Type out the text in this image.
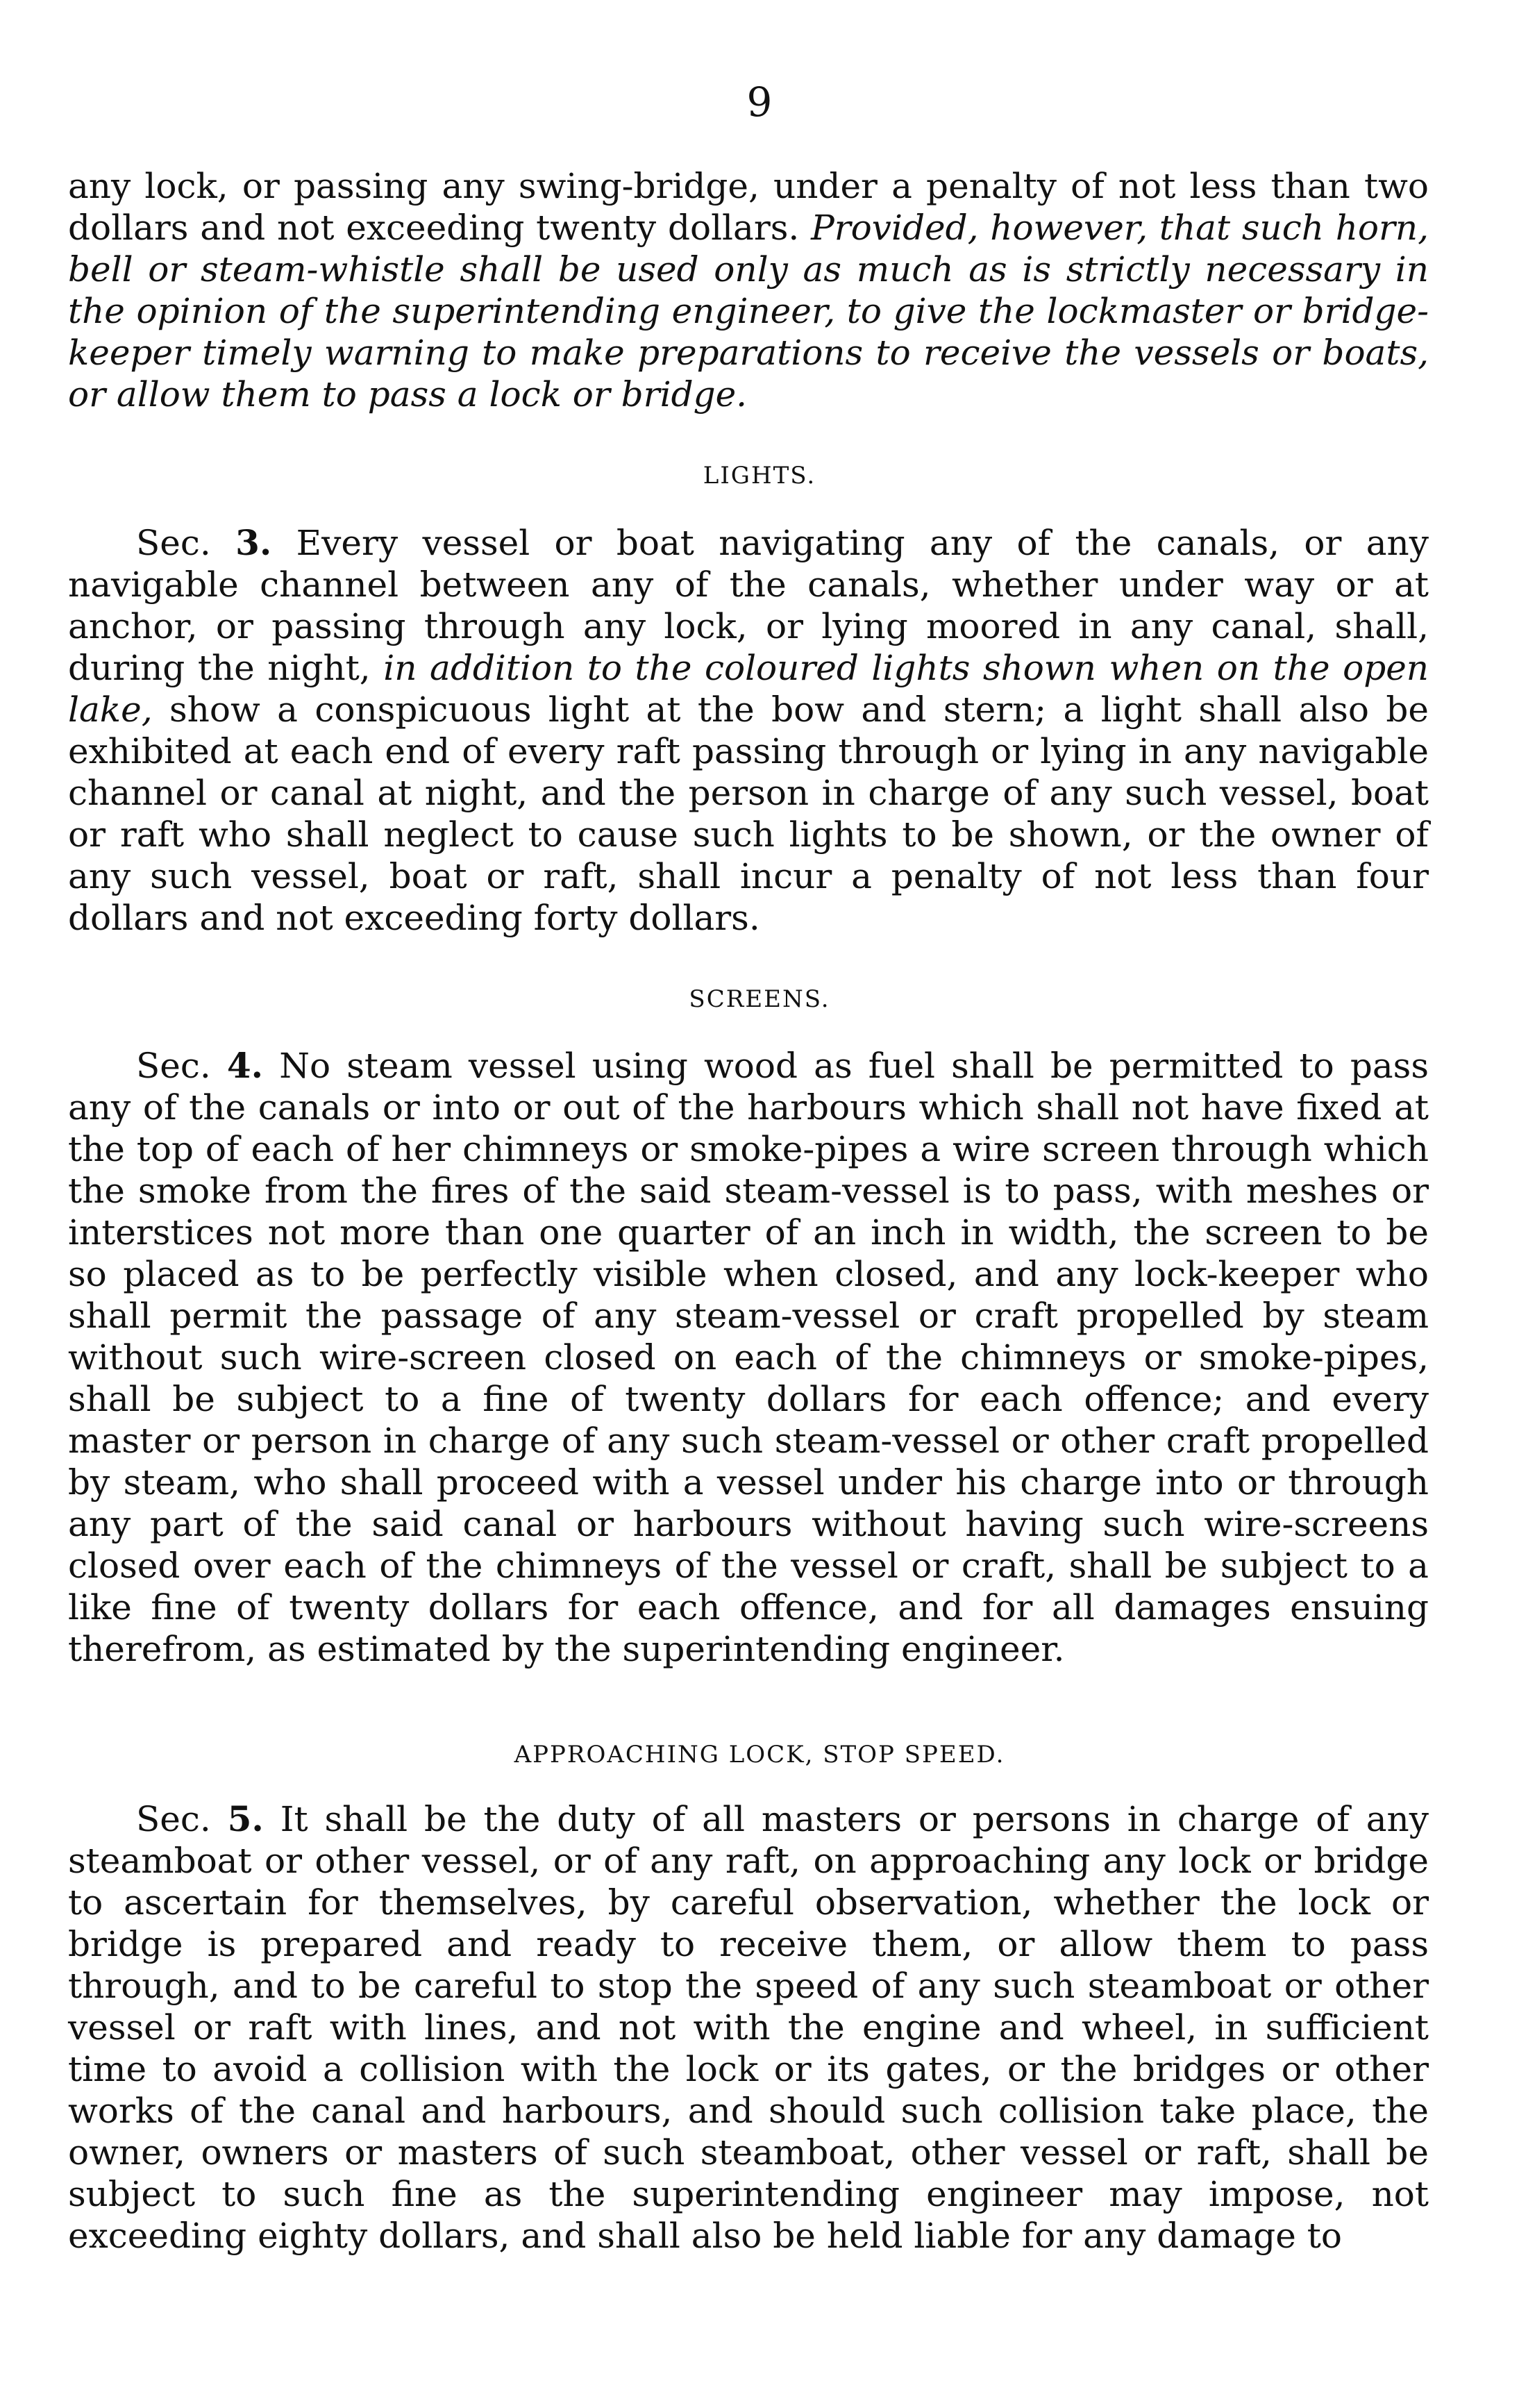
9

any lock, or passing any swing-bridge, under a penalty of not less than two dollars and not exceeding twenty dollars. Provided, however, that such horn, bell or steam-whistle shall be used only as much as is strictly necessary in the opinion of the superintending engineer, to give the lockmaster or bridge-keeper timely warning to make preparations to receive the vessels or boats, or allow them to pass a lock or bridge.

LIGHTS.

Sec. 3. Every vessel or boat navigating any of the canals, or any navigable channel between any of the canals, whether under way or at anchor, or passing through any lock, or lying moored in any canal, shall, during the night, in addition to the coloured lights shown when on the open lake, show a conspicuous light at the bow and stern; a light shall also be exhibited at each end of every raft passing through or lying in any navigable channel or canal at night, and the person in charge of any such vessel, boat or raft who shall neglect to cause such lights to be shown, or the owner of any such vessel, boat or raft, shall incur a penalty of not less than four dollars and not exceeding forty dollars.

SCREENS.

Sec. 4. No steam vessel using wood as fuel shall be permitted to pass any of the canals or into or out of the harbours which shall not have fixed at the top of each of her chimneys or smoke-pipes a wire screen through which the smoke from the fires of the said steam-vessel is to pass, with meshes or interstices not more than one quarter of an inch in width, the screen to be so placed as to be perfectly visible when closed, and any lock-keeper who shall permit the passage of any steam-vessel or craft propelled by steam without such wire-screen closed on each of the chimneys or smoke-pipes, shall be subject to a fine of twenty dollars for each offence; and every master or person in charge of any such steam-vessel or other craft propelled by steam, who shall proceed with a vessel under his charge into or through any part of the said canal or harbours without having such wire-screens closed over each of the chimneys of the vessel or craft, shall be subject to a like fine of twenty dollars for each offence, and for all damages ensuing therefrom, as estimated by the superintending engineer.

APPROACHING LOCK, STOP SPEED.

Sec. 5. It shall be the duty of all masters or persons in charge of any steamboat or other vessel, or of any raft, on approaching any lock or bridge to ascertain for themselves, by careful observation, whether the lock or bridge is prepared and ready to receive them, or allow them to pass through, and to be careful to stop the speed of any such steamboat or other vessel or raft with lines, and not with the engine and wheel, in sufficient time to avoid a collision with the lock or its gates, or the bridges or other works of the canal and harbours, and should such collision take place, the owner, owners or masters of such steamboat, other vessel or raft, shall be subject to such fine as the superintending engineer may impose, not exceeding eighty dollars, and shall also be held liable for any damage to
